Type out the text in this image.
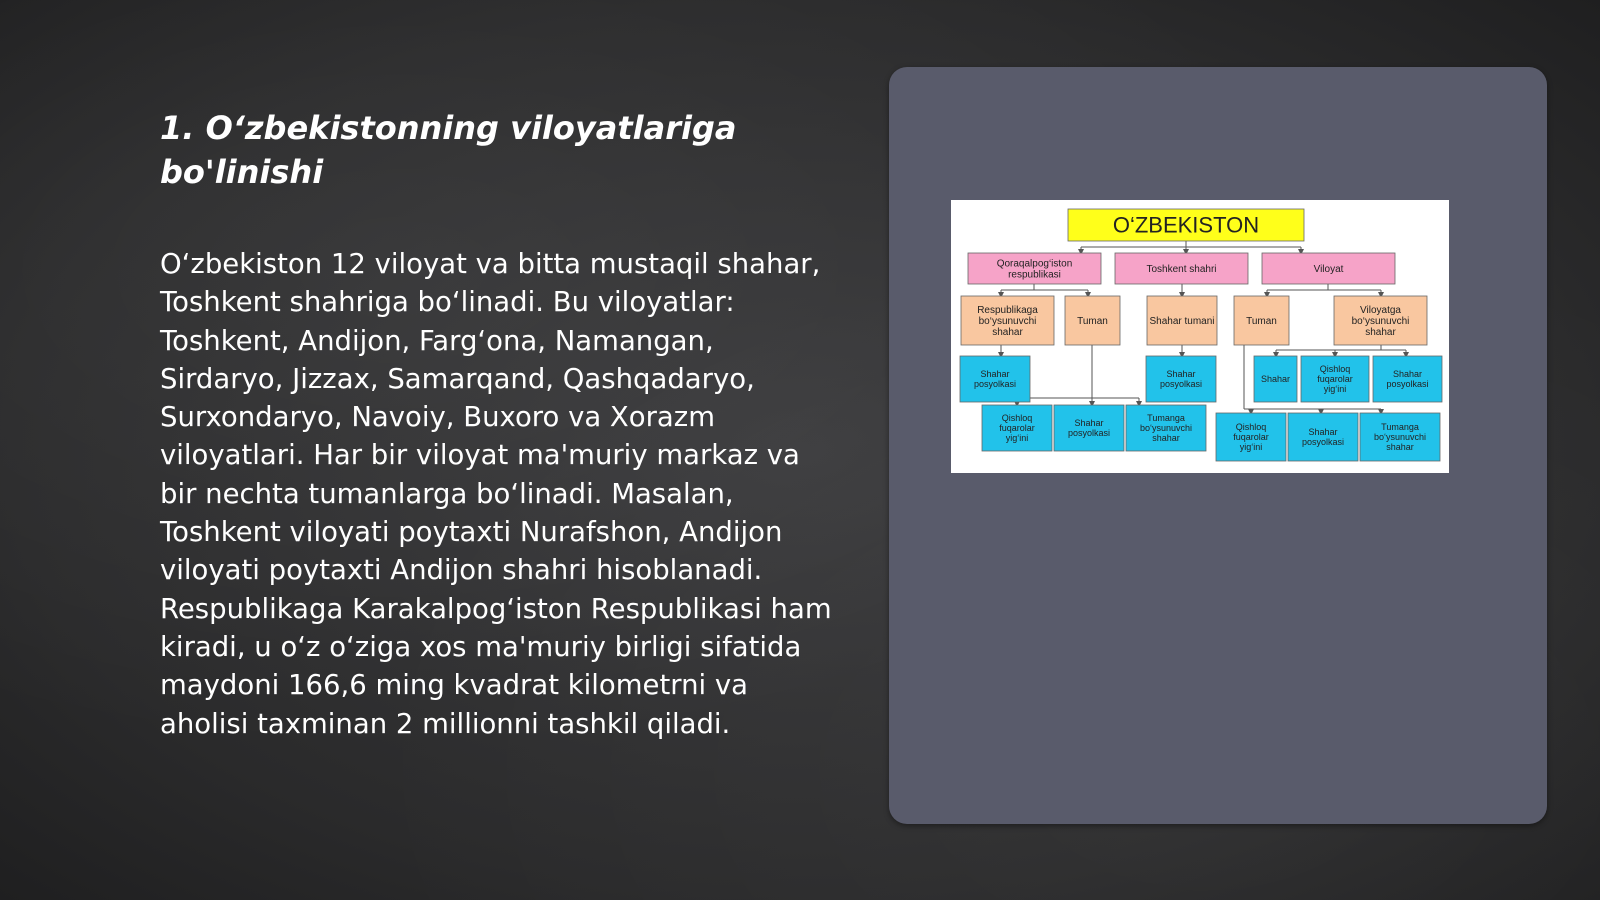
1. O‘zbekistonning viloyatlariga bo'linishi

O‘zbekiston 12 viloyat va bitta mustaqil shahar, Toshkent shahriga bo‘linadi. Bu viloyatlar: Toshkent, Andijon, Farg‘ona, Namangan, Sirdaryo, Jizzax, Samarqand, Qashqadaryo, Surxondaryo, Navoiy, Buxoro va Xorazm viloyatlari. Har bir viloyat ma'muriy markaz va bir nechta tumanlarga bo‘linadi. Masalan, Toshkent viloyati poytaxti Nurafshon, Andijon viloyati poytaxti Andijon shahri hisoblanadi. Respublikaga Karakalpog‘iston Respublikasi ham kiradi, u o‘z o‘ziga xos ma'muriy birligi sifatida maydoni 166,6 ming kvadrat kilometrni va aholisi taxminan 2 millionni tashkil qiladi.

O‘ZBEKISTON
Qoraqalpog‘iston
respublikasi
Toshkent shahri	Viloyat
Respublikaga
bo‘ysunuvchi
shahar
Tuman	Shahar tumani	Tuman
Viloyatga
bo‘ysunuvchi
shahar
Shahar
posyolkasi
Shahar
posyolkasi
Shahar
Qishloq
fuqarolar
yig‘ini
Shahar
posyolkasi
Qishloq
fuqarolar
yig‘ini
Shahar
posyolkasi
Tumanga
bo‘ysunuvchi
shahar
Qishloq
fuqarolar
yig‘ini
Shahar
posyolkasi
Tumanga
bo‘ysunuvchi
shahar
